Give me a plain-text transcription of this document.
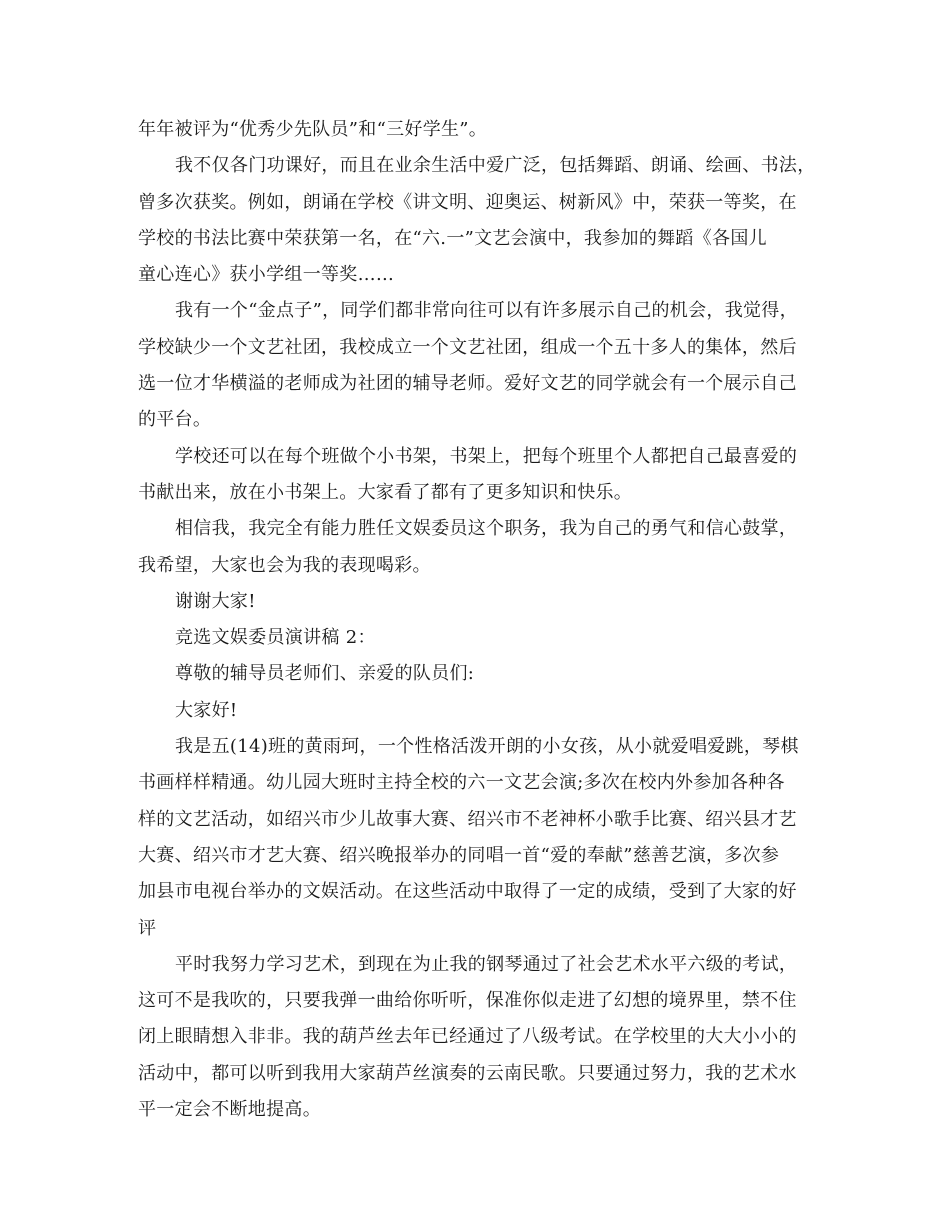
年年被评为“优秀少先队员”和“三好学生”。
我不仅各门功课好，而且在业余生活中爱广泛，包括舞蹈、朗诵、绘画、书法，
曾多次获奖。例如，朗诵在学校《讲文明、迎奥运、树新风》中，荣获一等奖，在
学校的书法比赛中荣获第一名，在“六.一”文艺会演中，我参加的舞蹈《各国儿
童心连心》获小学组一等奖……
我有一个“金点子”，同学们都非常向往可以有许多展示自己的机会，我觉得，
学校缺少一个文艺社团，我校成立一个文艺社团，组成一个五十多人的集体，然后
选一位才华横溢的老师成为社团的辅导老师。爱好文艺的同学就会有一个展示自己
的平台。
学校还可以在每个班做个小书架，书架上，把每个班里个人都把自己最喜爱的
书献出来，放在小书架上。大家看了都有了更多知识和快乐。
相信我，我完全有能力胜任文娱委员这个职务，我为自己的勇气和信心鼓掌，
我希望，大家也会为我的表现喝彩。
谢谢大家!
竞选文娱委员演讲稿 2：
尊敬的辅导员老师们、亲爱的队员们:
大家好!
我是五(14)班的黄雨珂，一个性格活泼开朗的小女孩，从小就爱唱爱跳，琴棋
书画样样精通。幼儿园大班时主持全校的六一文艺会演;多次在校内外参加各种各
样的文艺活动，如绍兴市少儿故事大赛、绍兴市不老神杯小歌手比赛、绍兴县才艺
大赛、绍兴市才艺大赛、绍兴晚报举办的同唱一首“爱的奉献”慈善艺演，多次参
加县市电视台举办的文娱活动。在这些活动中取得了一定的成绩，受到了大家的好
评
平时我努力学习艺术，到现在为止我的钢琴通过了社会艺术水平六级的考试，
这可不是我吹的，只要我弹一曲给你听听，保准你似走进了幻想的境界里，禁不住
闭上眼睛想入非非。我的葫芦丝去年已经通过了八级考试。在学校里的大大小小的
活动中，都可以听到我用大家葫芦丝演奏的云南民歌。只要通过努力，我的艺术水
平一定会不断地提高。
